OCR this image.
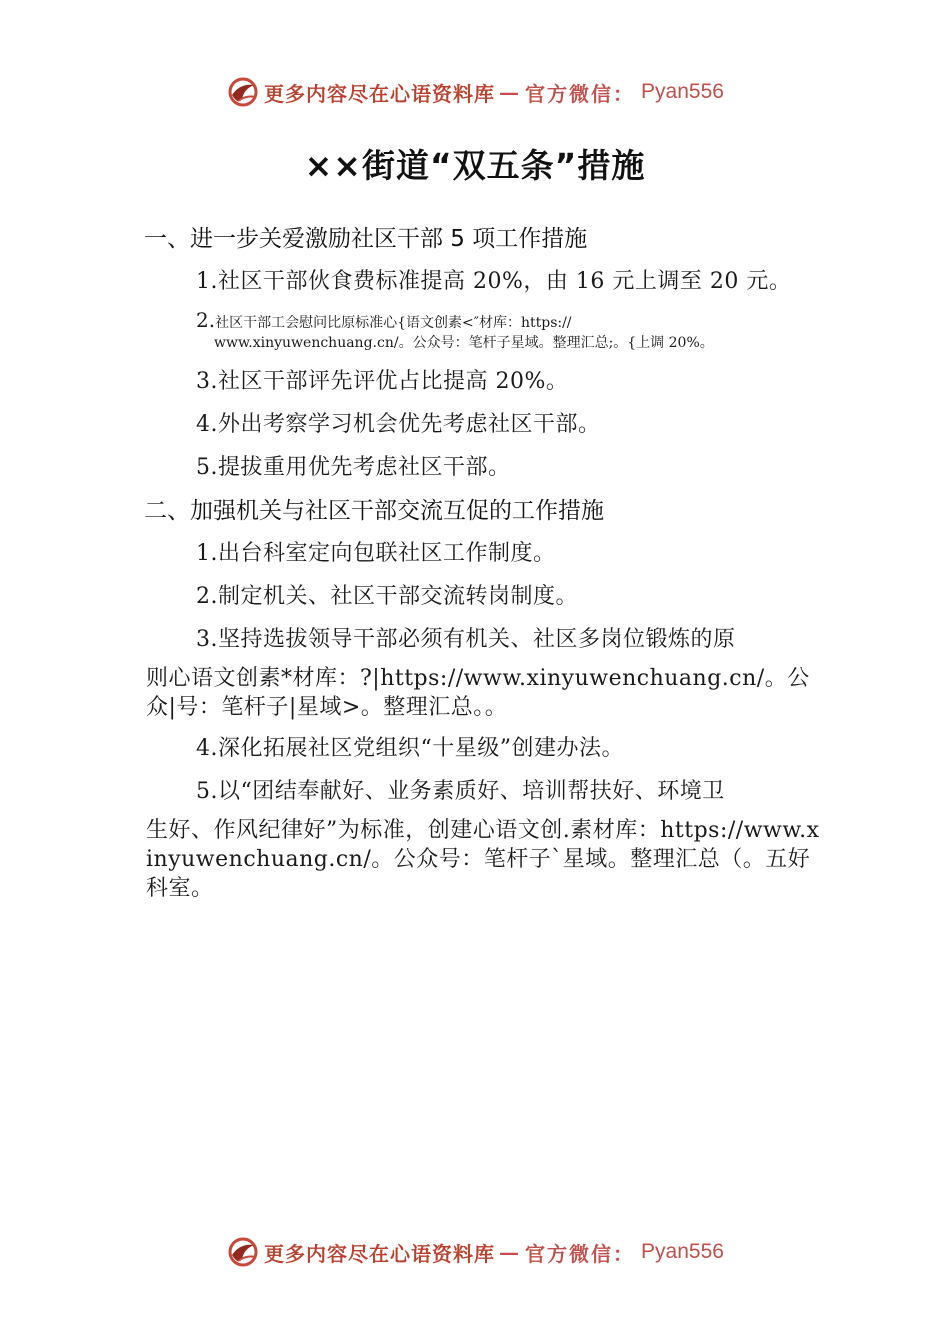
更多内容尽在心语资料库 — 官方微信： Pyan556
××街道“双五条”措施
一、进一步关爱激励社区干部 5 项工作措施
1.社区干部伙食费标准提高 20%，由 16 元上调至 20 元。
2.社区干部工会慰问比原标准心{语文创素<″材库：https://
www.xinyuwenchuang.cn/。公众号：笔杆子星域。整理汇总;。{上调 20%。
3.社区干部评先评优占比提高 20%。
4.外出考察学习机会优先考虑社区干部。
5.提拔重用优先考虑社区干部。
二、加强机关与社区干部交流互促的工作措施
1.出台科室定向包联社区工作制度。
2.制定机关、社区干部交流转岗制度。
3.坚持选拔领导干部必须有机关、社区多岗位锻炼的原
则心语文创素*材库：?|https://www.xinyuwenchuang.cn/。公众|号：笔杆子|星域>。整理汇总。。
4.深化拓展社区党组织“十星级”创建办法。
5.以“团结奉献好、业务素质好、培训帮扶好、环境卫
生好、作风纪律好”为标准，创建心语文创.素材库：https://www.xinyuwenchuang.cn/。公众号：笔杆子`星域。整理汇总（。五好科室。
更多内容尽在心语资料库 — 官方微信： Pyan556
